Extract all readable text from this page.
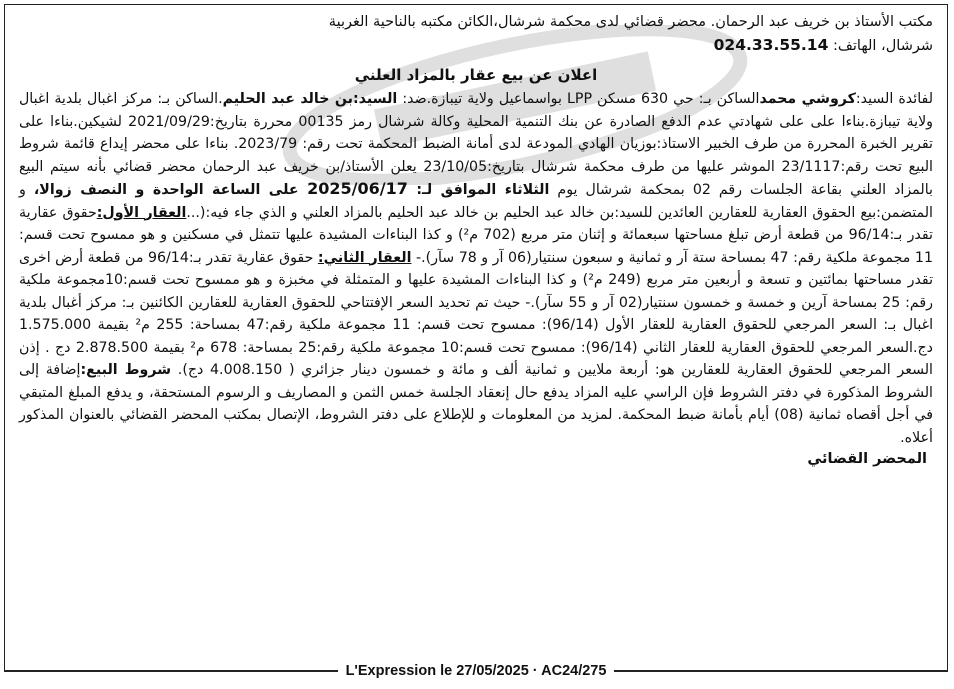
مكتب الأستاذ بن خريف عبد الرحمان. محضر قضائي لدى محكمة شرشال،الكائن مكتبه بالناحية الغربية

شرشال، الهاتف: 024.33.55.14

اعلان عن بيع عقار بالمزاد العلني

لفائدة السيد:كروشي محمدالساكن بـ: حي 630 مسكن LPP بواسماعيل ولاية تيبازة.ضد: السيد:بن خالد عبد الحليم.الساكن بـ: مركز اغبال بلدية اغبال ولاية تيبازة.بناءا على على شهادتي عدم الدفع الصادرة عن بنك التنمية المحلية وكالة شرشال رمز 00135 محررة بتاريخ:2021/09/29 لشيكين.بناءا على تقرير الخبرة المحررة من طرف الخبير الاستاذ:بوزيان الهادي المودعة لدى أمانة الضبط المحكمة تحت رقم: 2023/79. بناءا على محضر إيداع قائمة شروط البيع تحت رقم:23/1117 الموشر عليها من طرف محكمة شرشال بتاريخ:23/10/05 يعلن الأستاذ/بن خريف عبد الرحمان محضر قضائي بأنه سيتم البيع بالمزاد العلني بقاعة الجلسات رقم 02 بمحكمة شرشال يوم الثلاثاء الموافق لـ: 2025/06/17 على الساعة الواحدة و النصف زوالا، و المتضمن:بيع الحقوق العقارية للعقارين العائدين للسيد:بن خالد عبد الحليم بن خالد عبد الحليم بالمزاد العلني و الذي جاء فيه:(...العقار الأول:حقوق عقارية تقدر بـ:96/14 من قطعة أرض تبلغ مساحتها سبعمائة و إثنان متر مربع (702 م²) و كذا البناءات المشيدة عليها تتمثل في مسكنين و هو ممسوح تحت قسم: 11 مجموعة ملكية رقم: 47 بمساحة ستة آر و ثمانية و سبعون سنتيار(06 آر و 78 سآر).- العقار الثاني: حقوق عقارية تقدر بـ:96/14 من قطعة أرض اخرى تقدر مساحتها بمائتين و تسعة و أربعين متر مربع (249 م²) و كذا البناءات المشيدة عليها و المتمثلة في مخبزة و هو ممسوح تحت قسم:10مجموعة ملكية رقم: 25 بمساحة آرين و خمسة و خمسون سنتيار(02 آر و 55 سآر).- حيث تم تحديد السعر الإفتتاحي للحقوق العقارية للعقارين الكائنين بـ: مركز أغبال بلدية اغبال بـ: السعر المرجعي للحقوق العقارية للعقار الأول (96/14): ممسوح تحت قسم: 11 مجموعة ملكية رقم:47 بمساحة: 255 م² بقيمة 1.575.000 دج.السعر المرجعي للحقوق العقارية للعقار الثاني (96/14): ممسوح تحت قسم:10 مجموعة ملكية رقم:25 بمساحة: 678 م² بقيمة 2.878.500 دج . إذن السعر المرجعي للحقوق العقارية للعقارين هو: أربعة ملايين و ثمانية ألف و مائة و خمسون دينار جزائري ( 4.008.150 دج). شروط البيع:إضافة إلى الشروط المذكورة في دفتر الشروط فإن الراسي عليه المزاد يدفع حال إنعقاد الجلسة خمس الثمن و المصاريف و الرسوم المستحقة، و يدفع المبلغ المتبقي في أجل أقصاه ثمانية (08) أيام بأمانة ضبط المحكمة. لمزيد من المعلومات و للإطلاع على دفتر الشروط، الإتصال بمكتب المحضر القضائي بالعنوان المذكور أعلاه.

المحضر القضائي

L'Expression le 27/05/2025 · AC24/275
